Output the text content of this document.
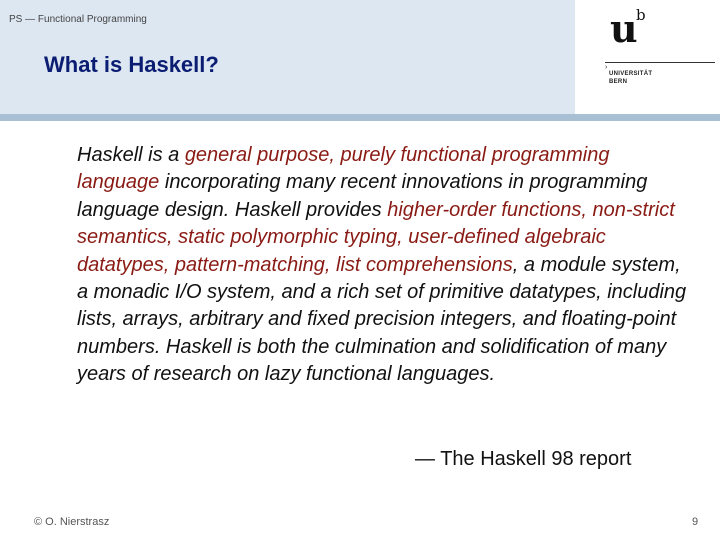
PS — Functional Programming
What is Haskell?
u
b
›
UNIVERSITÄT
BERN
Haskell is a general purpose, purely functional programming language incorporating many recent innovations in programming language design. Haskell provides higher-order functions, non-strict semantics, static polymorphic typing, user-defined algebraic datatypes, pattern-matching, list comprehensions, a module system, a monadic I/O system, and a rich set of primitive datatypes, including lists, arrays, arbitrary and fixed precision integers, and floating-point numbers. Haskell is both the culmination and solidification of many years of research on lazy functional languages.
— The Haskell 98 report
© O. Nierstrasz	9
